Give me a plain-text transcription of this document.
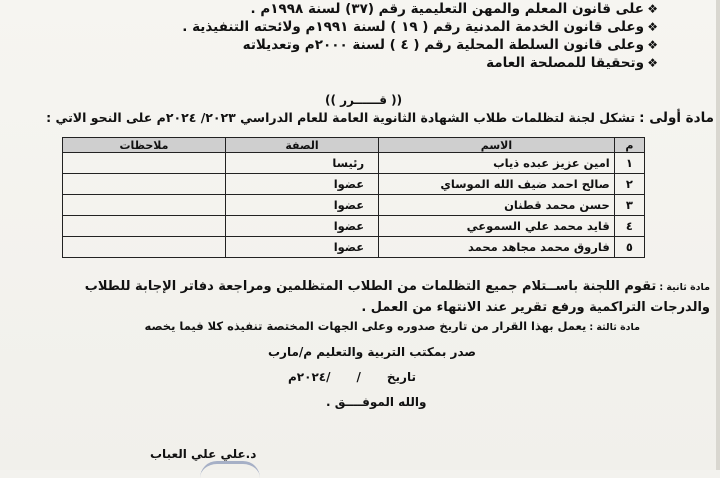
❖
على قانون المعلم والمهن التعليمية رقم (٣٧) لسنة ١٩٩٨م .
❖
وعلى قانون الخدمة المدنية رقم ( ١٩ ) لسنة ١٩٩١م ولائحته التنفيذية .
❖
وعلى قانون السلطة المحلية رقم ( ٤ ) لسنة ٢٠٠٠م وتعديلاته
❖
وتحقيقا للمصلحة العامة
(( قــــــرر ))
مادة أولى :تشكل لجنة لتظلمات طلاب الشهادة الثانوية العامة للعام الدراسي ٢٠٢٣/ ٢٠٢٤م على النحو الاتي :
م	الاسم	الصفة	ملاحظات
١	امين عزيز عبده ذياب	رئيسا	
٢	صالح احمد ضيف الله الموساي	عضوا	
٣	حسن محمد قطنان	عضوا	
٤	قايد محمد علي السموعي	عضوا	
٥	فاروق محمد مجاهد محمد	عضوا	
مادة ثانية :تقوم اللجنة باســتلام جميع التظلمات من الطلاب المتظلمين ومراجعة دفاتر الإجابة للطلاب والدرجات التراكمية ورفع تقرير عند الانتهاء من العمل .
مادة ثالثة :يعمل بهذا القرار من تاريخ صدوره وعلى الجهات المختصة تنفيذه كلا فيما يخصه
صدر بمكتب التربية والتعليم م/مارب
تاريخ//٢٠٢٤م
والله الموفــــق .
د.علي علي العباب
